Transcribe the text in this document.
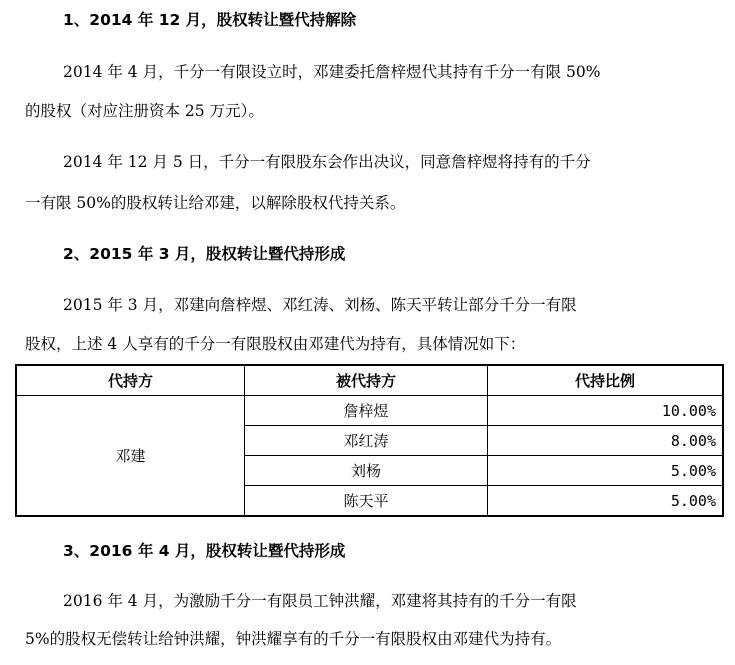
1、2014 年 12 月，股权转让暨代持解除
2014 年 4 月，千分一有限设立时，邓建委托詹梓煜代其持有千分一有限 50%
的股权（对应注册资本 25 万元）。
2014 年 12 月 5 日，千分一有限股东会作出决议，同意詹梓煜将持有的千分
一有限 50%的股权转让给邓建，以解除股权代持关系。
2、2015 年 3 月，股权转让暨代持形成
2015 年 3 月，邓建向詹梓煜、邓红涛、刘杨、陈天平转让部分千分一有限
股权，上述 4 人享有的千分一有限股权由邓建代为持有，具体情况如下：
代持方	被代持方	代持比例
邓建	詹梓煜	10.00%
	邓红涛	8.00%
	刘杨	5.00%
	陈天平	5.00%
3、2016 年 4 月，股权转让暨代持形成
2016 年 4 月，为激励千分一有限员工钟洪耀，邓建将其持有的千分一有限
5%的股权无偿转让给钟洪耀，钟洪耀享有的千分一有限股权由邓建代为持有。
